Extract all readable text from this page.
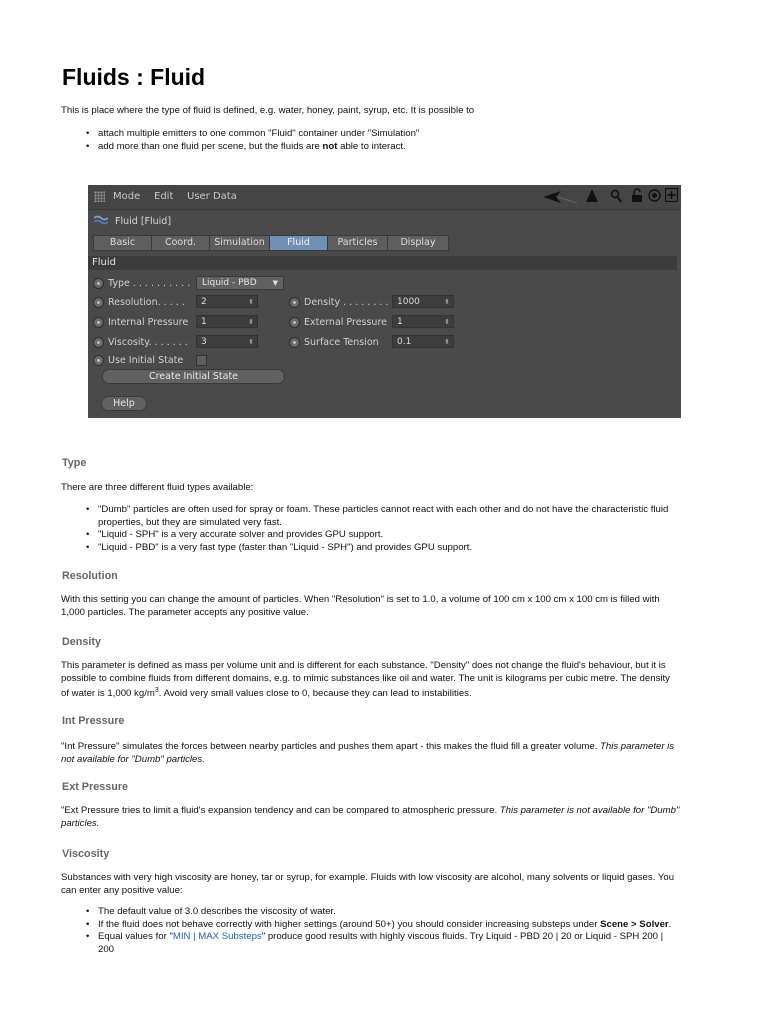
Fluids : Fluid

This is place where the type of fluid is defined, e.g. water, honey, paint, syrup, etc. It is possible to

• attach multiple emitters to one common "Fluid" container under "Simulation"
• add more than one fluid per scene, but the fluids are not able to interact.
Mode Edit User Data
Fluid [Fluid]
Basic	Coord.	Simulation	Fluid	Particles	Display
Fluid
Type . . . . . . . . . .	Liquid - PBD ▼
Resolution. . . . .	2	⬍	Density . . . . . . . . 1000	⬍
Internal Pressure	1	⬍	External Pressure	1	⬍
Viscosity. . . . . . .	3	⬍	Surface Tension	0.1	⬍
Use Initial State
Create Initial State
Help
Type

There are three different fluid types available:

• "Dumb" particles are often used for spray or foam. These particles cannot react with each other and do not have the characteristic fluid
properties, but they are simulated very fast.
• "Liquid - SPH" is a very accurate solver and provides GPU support.
• "Liquid - PBD" is a very fast type (faster than "Liquid - SPH") and provides GPU support.
Resolution

With this setting you can change the amount of particles. When "Resolution" is set to 1.0, a volume of 100 cm x 100 cm x 100 cm is filled with
1,000 particles. The parameter accepts any positive value.

Density

This parameter is defined as mass per volume unit and is different for each substance. "Density" does not change the fluid's behaviour, but it is
possible to combine fluids from different domains, e.g. to mimic substances like oil and water. The unit is kilograms per cubic metre. The density
of water is 1,000 $kg/m^3$. Avoid very small values close to 0, because they can lead to instabilities.

Int Pressure

"Int Pressure" simulates the forces between nearby particles and pushes them apart - this makes the fluid fill a greater volume. This parameter is
not available for "Dumb" particles.

Ext Pressure

"Ext Pressure tries to limit a fluid's expansion tendency and can be compared to atmospheric pressure. This parameter is not available for "Dumb"
particles.

Viscosity

Substances with very high viscosity are honey, tar or syrup, for example. Fluids with low viscosity are alcohol, many solvents or liquid gases. You
can enter any positive value:

• The default value of 3.0 describes the viscosity of water.
• If the fluid does not behave correctly with higher settings (around 50+) you should consider increasing substeps under Scene > Solver.
• Equal values for "MIN | MAX Substeps" produce good results with highly viscous fluids. Try Liquid - PBD 20 | 20 or Liquid - SPH 200 |
200
